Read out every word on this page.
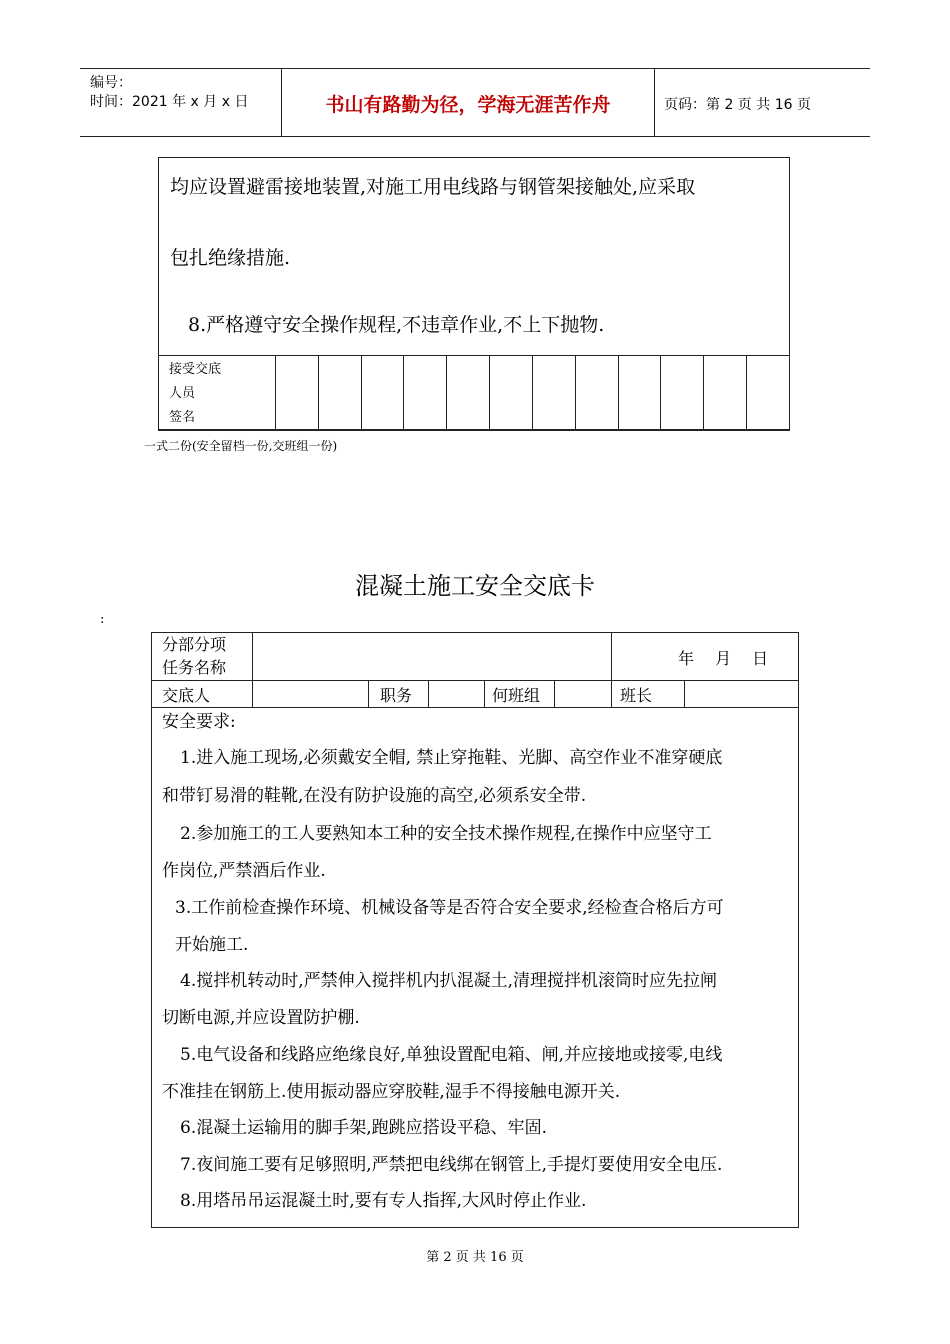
编号：
时间：2021 年 x 月 x 日	书山有路勤为径，学海无涯苦作舟	页码：第 2 页 共 16 页
均应设置避雷接地装置,对施工用电线路与钢管架接触处,应采取
包扎绝缘措施.
8.严格遵守安全操作规程,不违章作业,不上下抛物.
接受交底
人员
签名

一式二份(安全留档一份,交班组一份)
混凝土施工安全交底卡
:
分部分项
任务名称	年 月 日
交底人	职务	何班组	班长
安全要求:
1.进入施工现场,必须戴安全帽, 禁止穿拖鞋、光脚、高空作业不准穿硬底
和带钉易滑的鞋靴,在没有防护设施的高空,必须系安全带.
2.参加施工的工人要熟知本工种的安全技术操作规程,在操作中应坚守工
作岗位,严禁酒后作业.
3.工作前检查操作环境、机械设备等是否符合安全要求,经检查合格后方可
开始施工.
4.搅拌机转动时,严禁伸入搅拌机内扒混凝土,清理搅拌机滚筒时应先拉闸
切断电源,并应设置防护棚.
5.电气设备和线路应绝缘良好,单独设置配电箱、闸,并应接地或接零,电线
不准挂在钢筋上.使用振动器应穿胶鞋,湿手不得接触电源开关.
6.混凝土运输用的脚手架,跑跳应搭设平稳、牢固.
7.夜间施工要有足够照明,严禁把电线绑在钢管上,手提灯要使用安全电压.
8.用塔吊吊运混凝土时,要有专人指挥,大风时停止作业.
第 2 页 共 16 页
